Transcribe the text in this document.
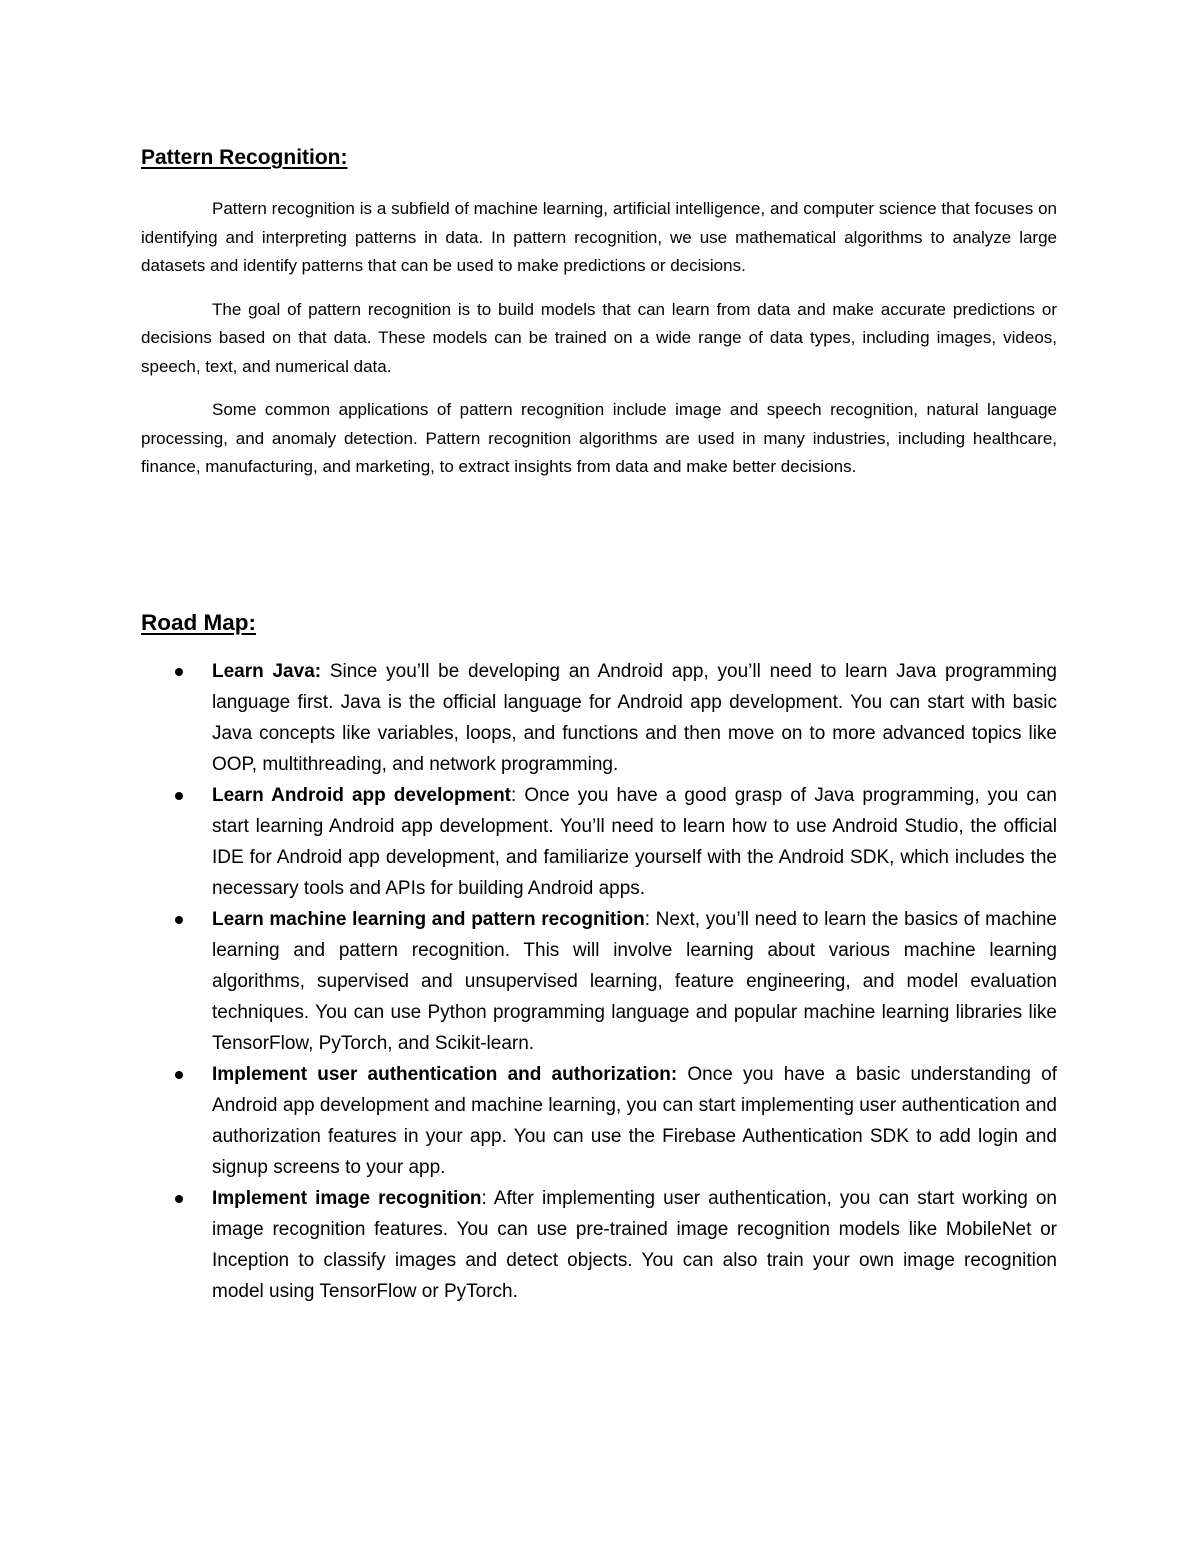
Pattern Recognition:

Pattern recognition is a subfield of machine learning, artificial intelligence, and computer science that focuses on identifying and interpreting patterns in data. In pattern recognition, we use mathematical algorithms to analyze large datasets and identify patterns that can be used to make predictions or decisions.

The goal of pattern recognition is to build models that can learn from data and make accurate predictions or decisions based on that data. These models can be trained on a wide range of data types, including images, videos, speech, text, and numerical data.

Some common applications of pattern recognition include image and speech recognition, natural language processing, and anomaly detection. Pattern recognition algorithms are used in many industries, including healthcare, finance, manufacturing, and marketing, to extract insights from data and make better decisions.

Road Map:
Learn Java: Since you’ll be developing an Android app, you’ll need to learn Java programming language first. Java is the official language for Android app development. You can start with basic Java concepts like variables, loops, and functions and then move on to more advanced topics like OOP, multithreading, and network programming.
Learn Android app development: Once you have a good grasp of Java programming, you can start learning Android app development. You’ll need to learn how to use Android Studio, the official IDE for Android app development, and familiarize yourself with the Android SDK, which includes the necessary tools and APIs for building Android apps.
Learn machine learning and pattern recognition: Next, you’ll need to learn the basics of machine learning and pattern recognition. This will involve learning about various machine learning algorithms, supervised and unsupervised learning, feature engineering, and model evaluation techniques. You can use Python programming language and popular machine learning libraries like TensorFlow, PyTorch, and Scikit-learn.
Implement user authentication and authorization: Once you have a basic understanding of Android app development and machine learning, you can start implementing user authentication and authorization features in your app. You can use the Firebase Authentication SDK to add login and signup screens to your app.
Implement image recognition: After implementing user authentication, you can start working on image recognition features. You can use pre-trained image recognition models like MobileNet or Inception to classify images and detect objects. You can also train your own image recognition model using TensorFlow or PyTorch.
